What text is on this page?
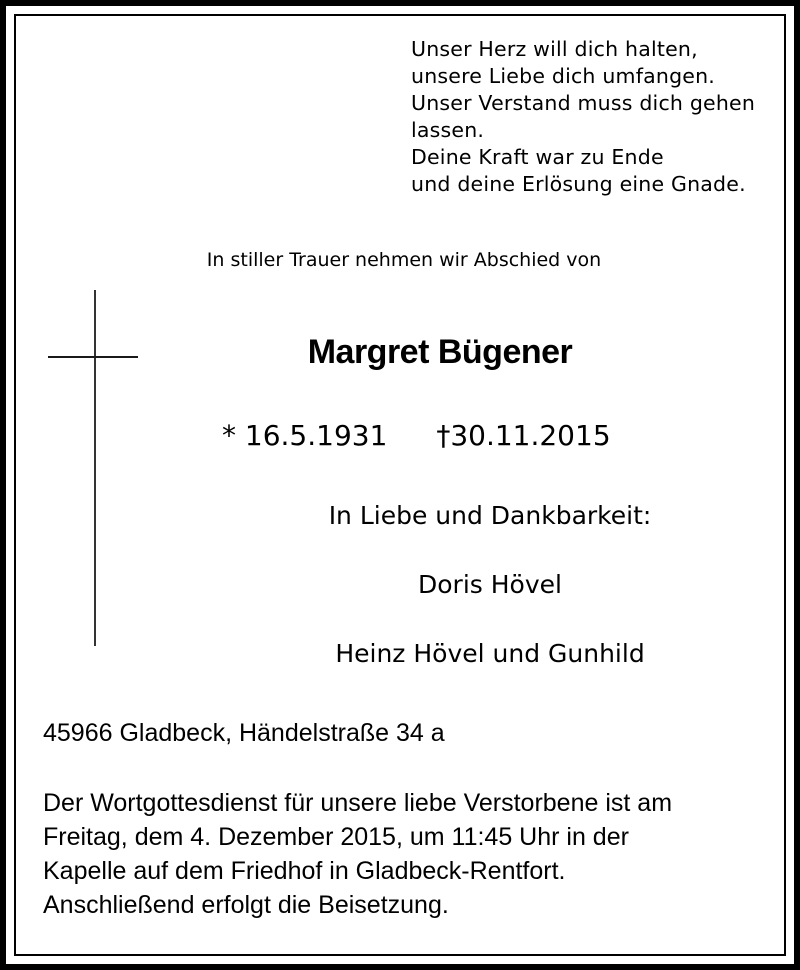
Unser Herz will dich halten,
unsere Liebe dich umfangen.
Unser Verstand muss dich gehen
lassen.
Deine Kraft war zu Ende
und deine Erlösung eine Gnade.
In stiller Trauer nehmen wir Abschied von
Margret Bügener
* 16.5.1931 †30.11.2015
In Liebe und Dankbarkeit:
Doris Hövel
Heinz Hövel und Gunhild
45966 Gladbeck, Händelstraße 34 a
Der Wortgottesdienst für unsere liebe Verstorbene ist am
Freitag, dem 4. Dezember 2015, um 11:45 Uhr in der
Kapelle auf dem Friedhof in Gladbeck-Rentfort.
Anschließend erfolgt die Beisetzung.
